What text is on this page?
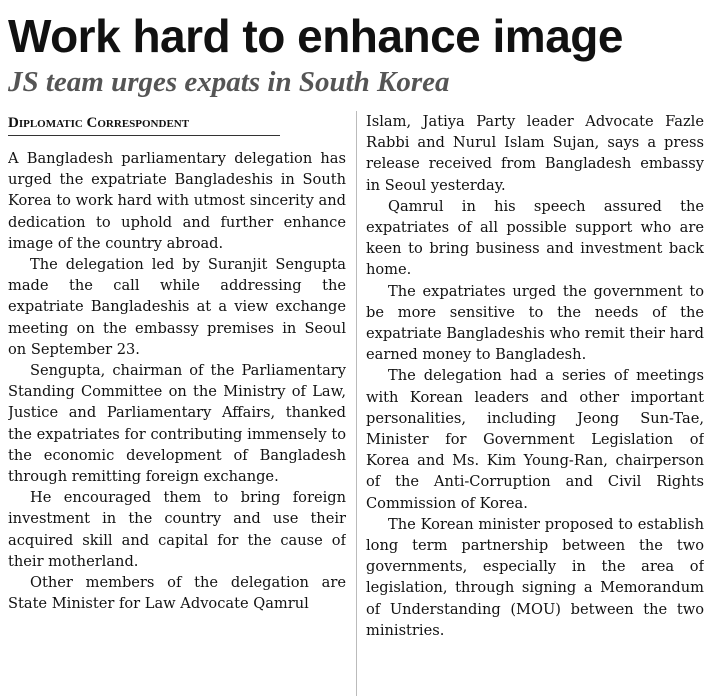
Work hard to enhance image
JS team urges expats in South Korea
Diplomatic Correspondent

A Bangladesh parliamentary delegation has urged the expatriate Bangladeshis in South Korea to work hard with utmost sincerity and dedication to uphold and further enhance image of the country abroad.

The delegation led by Suranjit Sengupta made the call while addressing the expatriate Bangladeshis at a view exchange meeting on the embassy premises in Seoul on September 23.

Sengupta, chairman of the Parliamentary Standing Committee on the Ministry of Law, Justice and Parliamentary Affairs, thanked the expatriates for contributing immensely to the economic development of Bangladesh through remitting foreign exchange.

He encouraged them to bring foreign investment in the country and use their acquired skill and capital for the cause of their motherland.

Other members of the delegation are State Minister for Law Advocate Qamrul

Islam, Jatiya Party leader Advocate Fazle Rabbi and Nurul Islam Sujan, says a press release received from Bangladesh embassy in Seoul yesterday.

Qamrul in his speech assured the expatriates of all possible support who are keen to bring business and investment back home.

The expatriates urged the government to be more sensitive to the needs of the expatriate Bangladeshis who remit their hard earned money to Bangladesh.

The delegation had a series of meetings with Korean leaders and other important personalities, including Jeong Sun-Tae, Minister for Government Legislation of Korea and Ms. Kim Young-Ran, chairperson of the Anti-Corruption and Civil Rights Commission of Korea.

The Korean minister proposed to establish long term partnership between the two governments, especially in the area of legislation, through signing a Memorandum of Understanding (MOU) between the two ministries.
